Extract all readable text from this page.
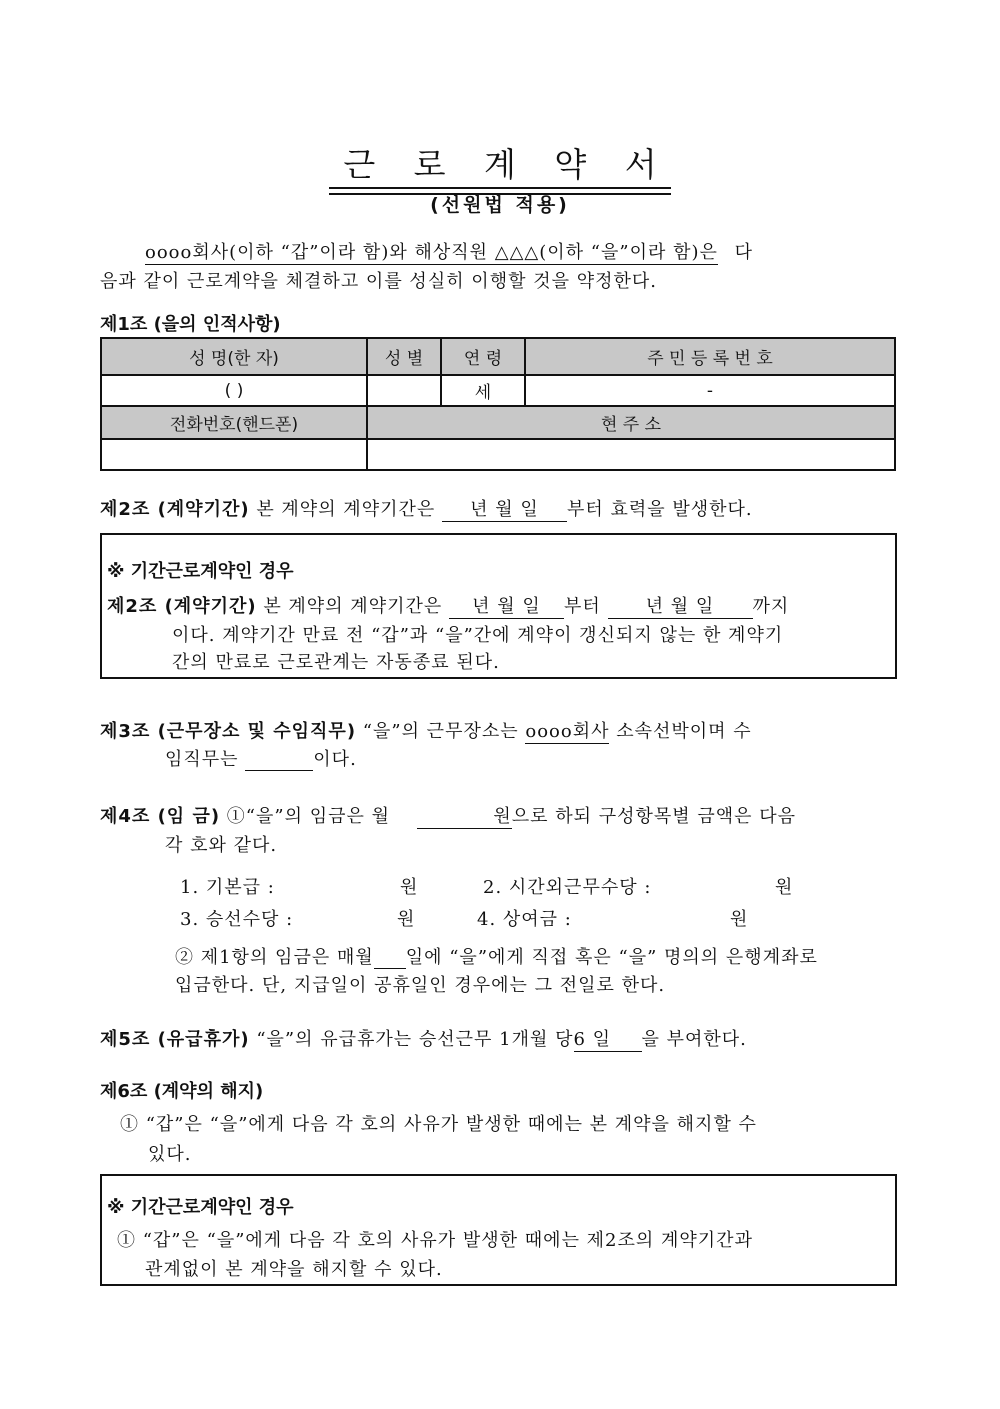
근 로 계 약 서
(선원법 적용)
oooo회사(이하 “갑”이라 함)와 해상직원 △△△(이하 “을”이라 함)은 다
음과 같이 근로계약을 체결하고 이를 성실히 이행할 것을 약정한다.
제1조 (을의 인적사항)
성 명(한 자)	성 별	연 령	주 민 등 록 번 호
( )		세	-
전화번호(핸드폰)	현 주 소		

제2조 (계약기간) 본 계약의 계약기간은 년 월 일 부터 효력을 발생한다.
※ 기간근로계약인 경우
제2조 (계약기간) 본 계약의 계약기간은 년 월 일 부터 년 월 일 까지
이다. 계약기간 만료 전 “갑”과 “을”간에 계약이 갱신되지 않는 한 계약기
간의 만료로 근로관계는 자동종료 된다.
제3조 (근무장소 및 수임직무) “을”의 근무장소는 oooo회사 소속선박이며 수
임직무는	이다.
제4조 (임 금) ①“을”의 임금은 월	원으로 하되 구성항목별 금액은 다음
각 호와 같다.
1. 기본급 :	원	2. 시간외근무수당 :	원
3. 승선수당 :	원	4. 상여금 :	원
② 제1항의 임금은 매월 일에 “을”에게 직접 혹은 “을” 명의의 은행계좌로
입금한다. 단, 지급일이 공휴일인 경우에는 그 전일로 한다.
제5조 (유급휴가) “을”의 유급휴가는 승선근무 1개월 당6 일 을 부여한다.
제6조 (계약의 해지)
① “갑”은 “을”에게 다음 각 호의 사유가 발생한 때에는 본 계약을 해지할 수
있다.
※ 기간근로계약인 경우
① “갑”은 “을”에게 다음 각 호의 사유가 발생한 때에는 제2조의 계약기간과
관계없이 본 계약을 해지할 수 있다.
